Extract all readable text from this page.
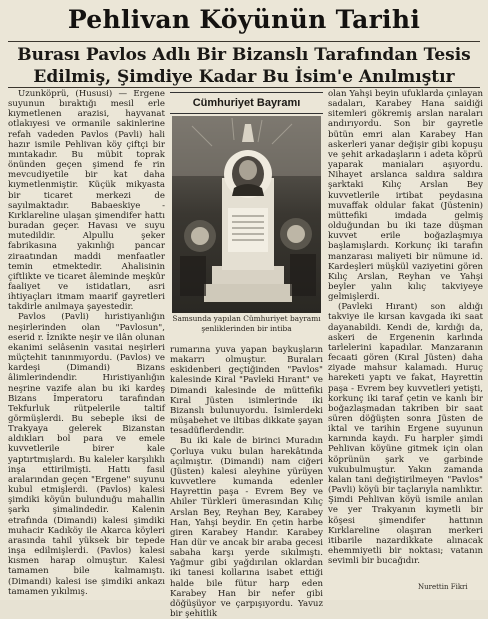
Pehlivan Köyünün Tarihi
Burası Pavlos Adlı Bir Bizanslı Tarafından Tesis
Edilmiş, Şimdiye Kadar Bu İsim'e Anılmıştır

Uzunköprü, (Hususi) — Ergene suyunun bıraktığı mesil erle kıymetlenen arazisi, hayvanat otlakıyesi ve ormanile sakinlerine refah vadeden Pavlos (Pavli) hali hazır ismile Pehlivan köy çiftçi bir mıntakadır. Bu mübit toprak önünden geçen şimend fe rin mevcudiyetile bir kat daha kıymetlenmiştir. Küçük mikyasta bir ticaret merkezi de sayılmaktadır. Babaeskiye - Kırklareline ulaşan şimendifer hattı buradan geçer. Havası ve suyu mutedildir. Alpullu şeker fabrikasına yakınlığı pancar ziraatından maddi menfaatler temin etmektedir. Ahalisinin çiftlikte ve ticaret âleminde meşkûr faaliyet ve istidatları, asri ihtiyaçları itmam maarif gayretleri takdirle anılmaya şayestedir.

Pavlos (Pavli) hıristiyanlığın neşirlerinden olan "Pavlosun", eserid r. İznikte neşir ve ilân olunan ekanimi selâsenin vasıtai neşirleri müçtehit tanınmıyordu. (Pavlos) ve kardeşi (Dimandi) Bizans âlimlerindendir. Hıristiyanlığın neşrine vazife alan bu iki kardeş Bizans İmperatoru tarafından Tekfurluk rütpelerile taltif görmüşlerdi. Bu sebeple iksi de Trakyaya gelerek Bizanstan aldıkları bol para ve emele kuvvetlerile birer kale yaptırtmışlardı. Bu kaleler karşılıklı inşa ettirilmişti. Hattı fasıl aralarından geçen "Ergene" suyunu kubul etmişlerdi. (Pavlos) kalesi şimdiki köyün bulunduğu mahallin şarkı şimalindedir. Kalenin etrafında (Dimandi) kalesi şimdiki muhacir Kadıköy ile Akarca köyleri arasında tahil yüksek bir tepede inşa edilmişlerdi. (Pavlos) kalesi kısmen harap olmuştur. Kalesi tamamen bile kalmamıştı. (Dimandi) kalesi ise şimdiki ankazı tamamen yıkılmış.

Cümhuriyet Bayramı
Samsunda yapılan Cümhuriyet bayramı şenliklerinden bir intiba

rumarına yuva yapan baykuşların makarrı olmuştur. Buraları eskidenberi geçtiğinden "Pavlos" kalesinde Kiral "Pavleki Hırant" ve Dimandi kalesinde de müttefiki Kıral Jüsten isimlerinde iki Bizanslı bulunuyordu. İsimlerdeki müşabehet ve iltibas dikkate şayan tesadüflerdendir.

Bu iki kale de birinci Muradın Çorluya vuku bulan harekâtında açılmıştır. (Dimandi) nam ciğeri (Jüsten) kalesi aleyhine yürüyen kuvvetlere kumanda edenler Hayrettin paşa - Evrem Bey ve Ahiler Türkleri ümerasından Kılıç Arslan Bey, Reyhan Bey, Karabey Han, Yahşi beydir. En çetin harbe giren Karabey Handır. Karabey Han dür ve ancak bir araba gecesi sabaha karşı yerde sıkılmıştı. Yağmur gibi yağdırılan oklardan iki tanesi kollarına isabet ettiği halde bile fütur harp eden Karabey Han bir nefer gibi döğüşüyor ve çarpışıyordu. Yavuz bir şehitlik

olan Yahşi beyin ufuklarda çınlayan sadaları, Karabey Hana saidiği sitemleri gökremiş arslan naraları andırıyordu. Son bir gayretle bütün emri alan Karabey Han askerleri yanar değişir gibi kopuşu ve şehit arkadaşların i adeta köprü yaparak maniaları aşıyordu. Nihayet arslanca saldıra saldıra şarktaki Kılıç Arslan Bey kuvvetlerile irtibat peydasına muvaffak oldular fakat (Jüstenin) müttefiki imdada gelmiş olduğundan bu iki taze düşman kuvvet erile boğazlaşmıya başlamışlardı. Korkunç iki tarafın manzarası maliyeti bir nümune id. Kardeşleri müşkül vaziyetini gören Kılıç Arslan, Reyhan ve Yahşi beyler yalın kılıç takviyeye gelmişlerdi.

(Pavleki Hırant) son aldığı takviye ile kırsan kavgada iki saat dayanabildi. Kendi de, kırdığı da, askeri de Ergenenin karlında tarlelerini kapadılar. Manzaranın fecaati gören (Kıral Jüsten) daha ziyade mahsur kalamadı. Huruç hareketi yaptı ve fakat, Hayrettin paşa - Evrem bey kuvvetleri yetişti, korkunç iki taraf çetin ve kanlı bir boğazlaşmadan takriben bir saat süren döğüşten sonra Jüsten de iktal ve tarihin Ergene suyunun karnında kaydı. Fu harpler şimdi Pehlivan köyüne gitmek için olan köprünün şark ve garbinde vukubulmuştur. Yakın zamanda kalan tani değiştirilmeyen "Pavlos" (Pavli) köyü bir taçlarıyla namlıktır. Şimdi Pehlivan köyü ismile anılan ve yer Trakyanın kıymetli bir köşesi şimendifer hattının Kırklareline olaşıran merkeri itibarile nazardikkate alınacak ehemmiyetli bir noktası; vatanın sevimli bir bucağıdır.

Nurettin Fikri
